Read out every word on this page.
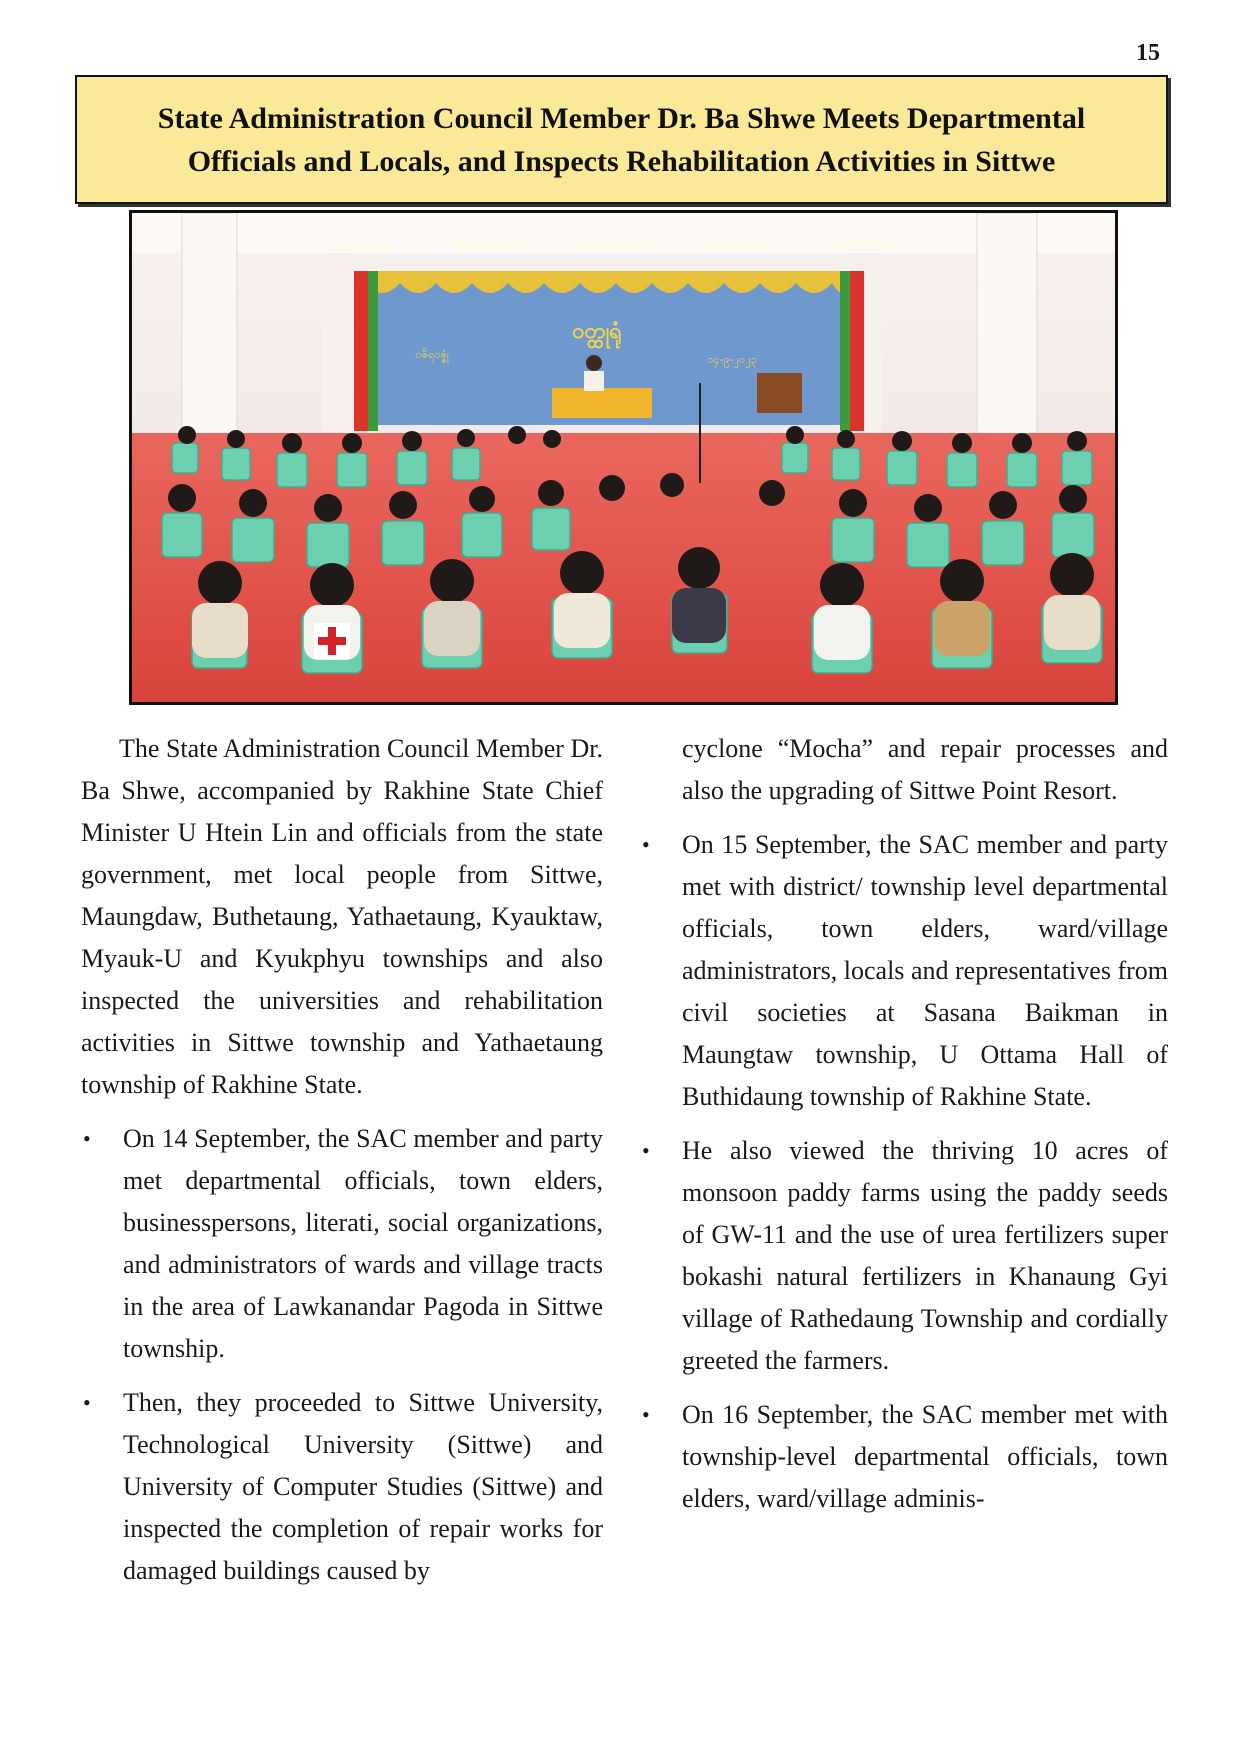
15
State Administration Council Member Dr. Ba Shwe Meets Departmental Officials and Locals, and Inspects Rehabilitation Activities in Sittwe
ဝတ္ထုရုံ
ဝဇိရဝဇ္ဇုံ	၁၄-၉-၂၀၂၃

The State Administration Council Member Dr. Ba Shwe, accompanied by Rakhine State Chief Minister U Htein Lin and officials from the state government, met local people from Sittwe, Maungdaw, Buthetaung, Yathaetaung, Kyauktaw, Myauk-U and Kyukphyu townships and also inspected the universities and rehabilitation activities in Sittwe township and Yathaetaung township of Rakhine State.

• On 14 September, the SAC member and party met departmental officials, town elders, businesspersons, literati, social organizations, and administrators of wards and village tracts in the area of Lawkanandar Pagoda in Sittwe township.
• Then, they proceeded to Sittwe University, Technological University (Sittwe) and University of Computer Studies (Sittwe) and inspected the completion of repair works for damaged buildings caused by

cyclone “Mocha” and repair processes and also the upgrading of Sittwe Point Resort.

• On 15 September, the SAC member and party met with district/ township level departmental officials, town elders, ward/village administrators, locals and representatives from civil societies at Sasana Baikman in Maungtaw township, U Ottama Hall of Buthidaung township of Rakhine State.
• He also viewed the thriving 10 acres of monsoon paddy farms using the paddy seeds of GW-11 and the use of urea fertilizers super bokashi natural fertilizers in Khanaung Gyi village of Rathedaung Township and cordially greeted the farmers.
• On 16 September, the SAC member met with township-level departmental officials, town elders, ward/village adminis-
